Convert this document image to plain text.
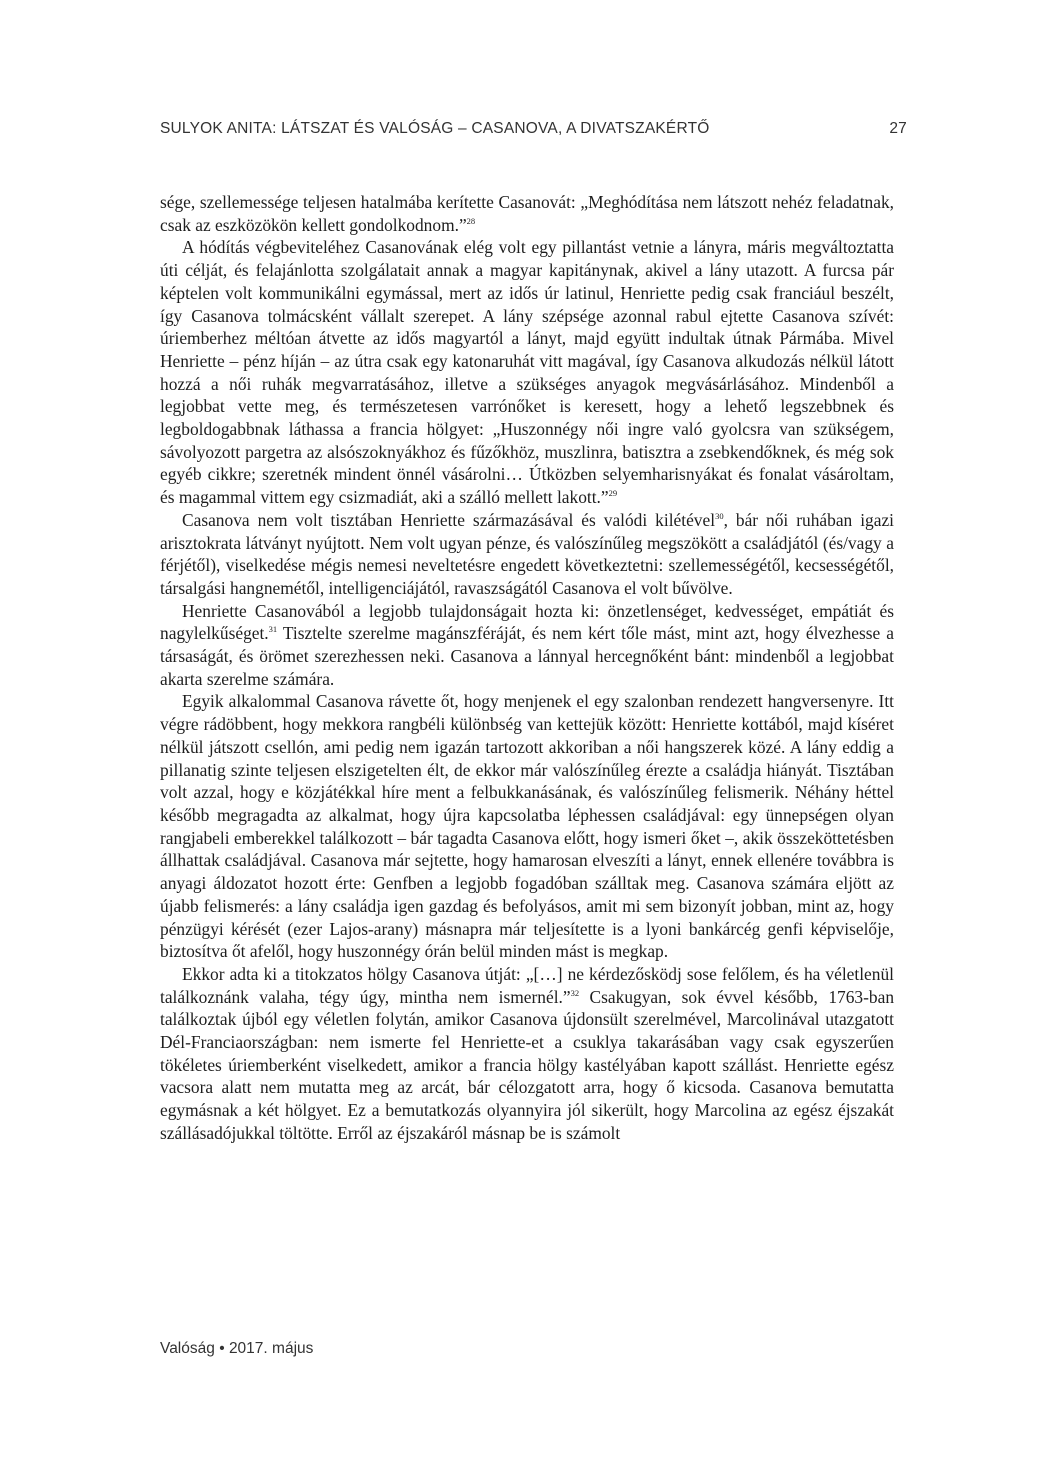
SULYOK ANITA: LÁTSZAT ÉS VALÓSÁG – CASANOVA, A DIVATSZAKÉRTŐ	27

sége, szellemessége teljesen hatalmába kerítette Casanovát: „Meghódítása nem látszott nehéz feladatnak, csak az eszközökön kellett gondolkodnom.”$^{28}$

A hódítás végbeviteléhez Casanovának elég volt egy pillantást vetnie a lányra, máris megváltoztatta úti célját, és felajánlotta szolgálatait annak a magyar kapitánynak, akivel a lány utazott. A furcsa pár képtelen volt kommunikálni egymással, mert az idős úr latinul, Henriette pedig csak franciául beszélt, így Casanova tolmácsként vállalt szerepet. A lány szépsége azonnal rabul ejtette Casanova szívét: úriemberhez méltóan átvette az idős magyartól a lányt, majd együtt indultak útnak Pármába. Mivel Henriette – pénz híján – az útra csak egy katonaruhát vitt magával, így Casanova alkudozás nélkül látott hozzá a női ruhák megvarratásához, illetve a szükséges anyagok megvásárlásához. Mindenből a legjobbat vette meg, és természetesen varrónőket is keresett, hogy a lehető legszebbnek és legboldogabbnak láthassa a francia hölgyet: „Huszonnégy női ingre való gyolcsra van szükségem, sávolyozott pargetra az alsószoknyákhoz és fűzőkhöz, muszlinra, batisztra a zsebkendőknek, és még sok egyéb cikkre; szeretnék mindent önnél vásárolni… Útközben selyemharisnyákat és fonalat vásároltam, és magammal vittem egy csizmadiát, aki a szálló mellett lakott.”$^{29}$

Casanova nem volt tisztában Henriette származásával és valódi kilétével$^{30}$, bár női ruhában igazi arisztokrata látványt nyújtott. Nem volt ugyan pénze, és valószínűleg megszökött a családjától (és/vagy a férjétől), viselkedése mégis nemesi neveltetésre engedett következtetni: szellemességétől, kecsességétől, társalgási hangnemétől, intelligenciájától, ravaszságától Casanova el volt bűvölve.

Henriette Casanovából a legjobb tulajdonságait hozta ki: önzetlenséget, kedvességet, empátiát és nagylelkűséget.$^{31}$ Tisztelte szerelme magánszféráját, és nem kért tőle mást, mint azt, hogy élvezhesse a társaságát, és örömet szerezhessen neki. Casanova a lánnyal hercegnőként bánt: mindenből a legjobbat akarta szerelme számára.

Egyik alkalommal Casanova rávette őt, hogy menjenek el egy szalonban rendezett hangversenyre. Itt végre rádöbbent, hogy mekkora rangbéli különbség van kettejük között: Henriette kottából, majd kíséret nélkül játszott csellón, ami pedig nem igazán tartozott akkoriban a női hangszerek közé. A lány eddig a pillanatig szinte teljesen elszigetelten élt, de ekkor már valószínűleg érezte a családja hiányát. Tisztában volt azzal, hogy e közjátékkal híre ment a felbukkanásának, és valószínűleg felismerik. Néhány héttel később megragadta az alkalmat, hogy újra kapcsolatba léphessen családjával: egy ünnepségen olyan rangjabeli emberekkel találkozott – bár tagadta Casanova előtt, hogy ismeri őket –, akik összeköttetésben állhattak családjával. Casanova már sejtette, hogy hamarosan elveszíti a lányt, ennek ellenére továbbra is anyagi áldozatot hozott érte: Genfben a legjobb fogadóban szálltak meg. Casanova számára eljött az újabb felismerés: a lány családja igen gazdag és befolyásos, amit mi sem bizonyít jobban, mint az, hogy pénzügyi kérését (ezer Lajos-arany) másnapra már teljesítette is a lyoni bankárcég genfi képviselője, biztosítva őt afelől, hogy huszonnégy órán belül minden mást is megkap.

Ekkor adta ki a titokzatos hölgy Casanova útját: „[…] ne kérdezősködj sose felőlem, és ha véletlenül találkoznánk valaha, tégy úgy, mintha nem ismernél.”$^{32}$ Csakugyan, sok évvel később, 1763-ban találkoztak újból egy véletlen folytán, amikor Casanova újdonsült szerelmével, Marcolinával utazgatott Dél-Franciaországban: nem ismerte fel Henriette-et a csuklya takarásában vagy csak egyszerűen tökéletes úriemberként viselkedett, amikor a francia hölgy kastélyában kapott szállást. Henriette egész vacsora alatt nem mutatta meg az arcát, bár célozgatott arra, hogy ő kicsoda. Casanova bemutatta egymásnak a két hölgyet. Ez a bemutatkozás olyannyira jól sikerült, hogy Marcolina az egész éjszakát szállásadójukkal töltötte. Erről az éjszakáról másnap be is számolt

Valóság • 2017. május
